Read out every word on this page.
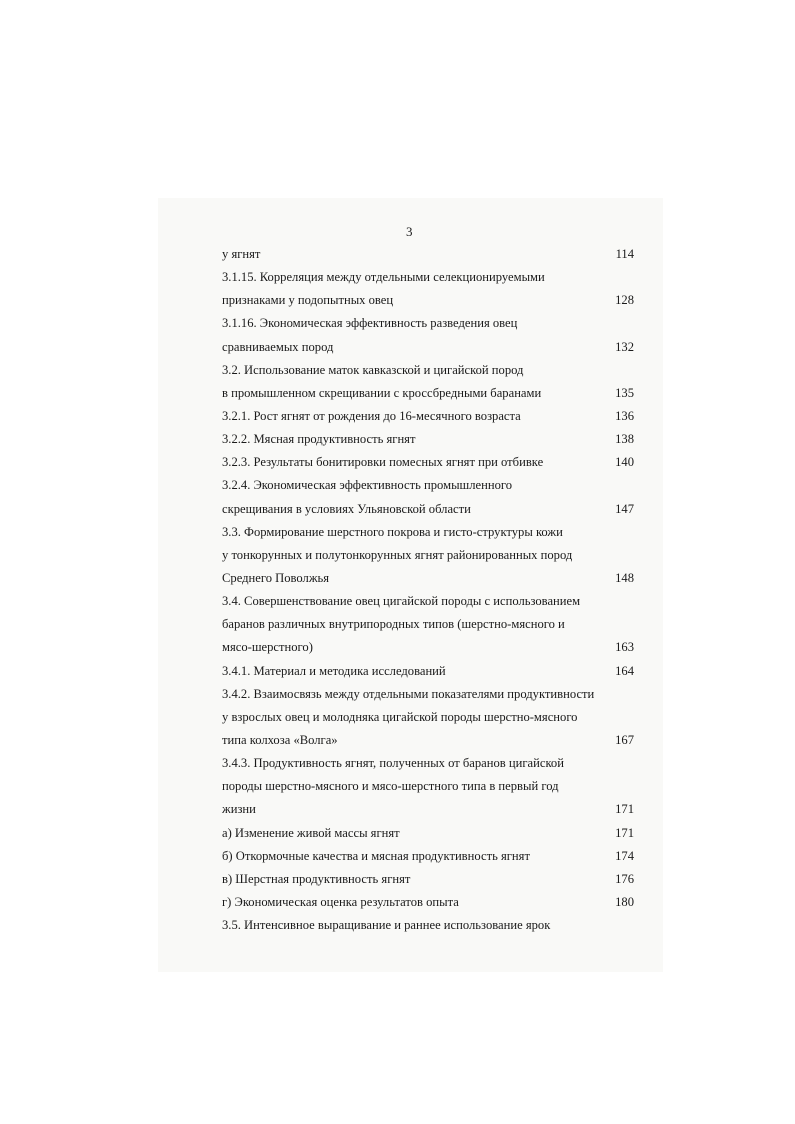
3
у ягнят	114
3.1.15. Корреляция между отдельными селекционируемыми
признаками у подопытных овец	128
3.1.16. Экономическая эффективность разведения овец
сравниваемых пород	132
3.2. Использование маток кавказской и цигайской пород
в промышленном скрещивании с кроссбредными баранами	135
3.2.1. Рост ягнят от рождения до 16-месячного возраста	136
3.2.2. Мясная продуктивность ягнят	138
3.2.3. Результаты бонитировки помесных ягнят при отбивке	140
3.2.4. Экономическая эффективность промышленного
скрещивания в условиях Ульяновской области	147
3.3. Формирование шерстного покрова и гисто-структуры кожи
у тонкорунных и полутонкорунных ягнят районированных пород
Среднего Поволжья	148
3.4. Совершенствование овец цигайской породы с использованием
баранов различных внутрипородных типов (шерстно-мясного и
мясо-шерстного)	163
3.4.1. Материал и методика исследований	164
3.4.2. Взаимосвязь между отдельными показателями продуктивности
у взрослых овец и молодняка цигайской породы шерстно-мясного
типа колхоза «Волга»	167
3.4.3. Продуктивность ягнят, полученных от баранов цигайской
породы шерстно-мясного и мясо-шерстного типа в первый год
жизни	171
а) Изменение живой массы ягнят	171
б) Откормочные качества и мясная продуктивность ягнят	174
в) Шерстная продуктивность ягнят	176
г) Экономическая оценка результатов опыта	180
3.5. Интенсивное выращивание и раннее использование ярок
